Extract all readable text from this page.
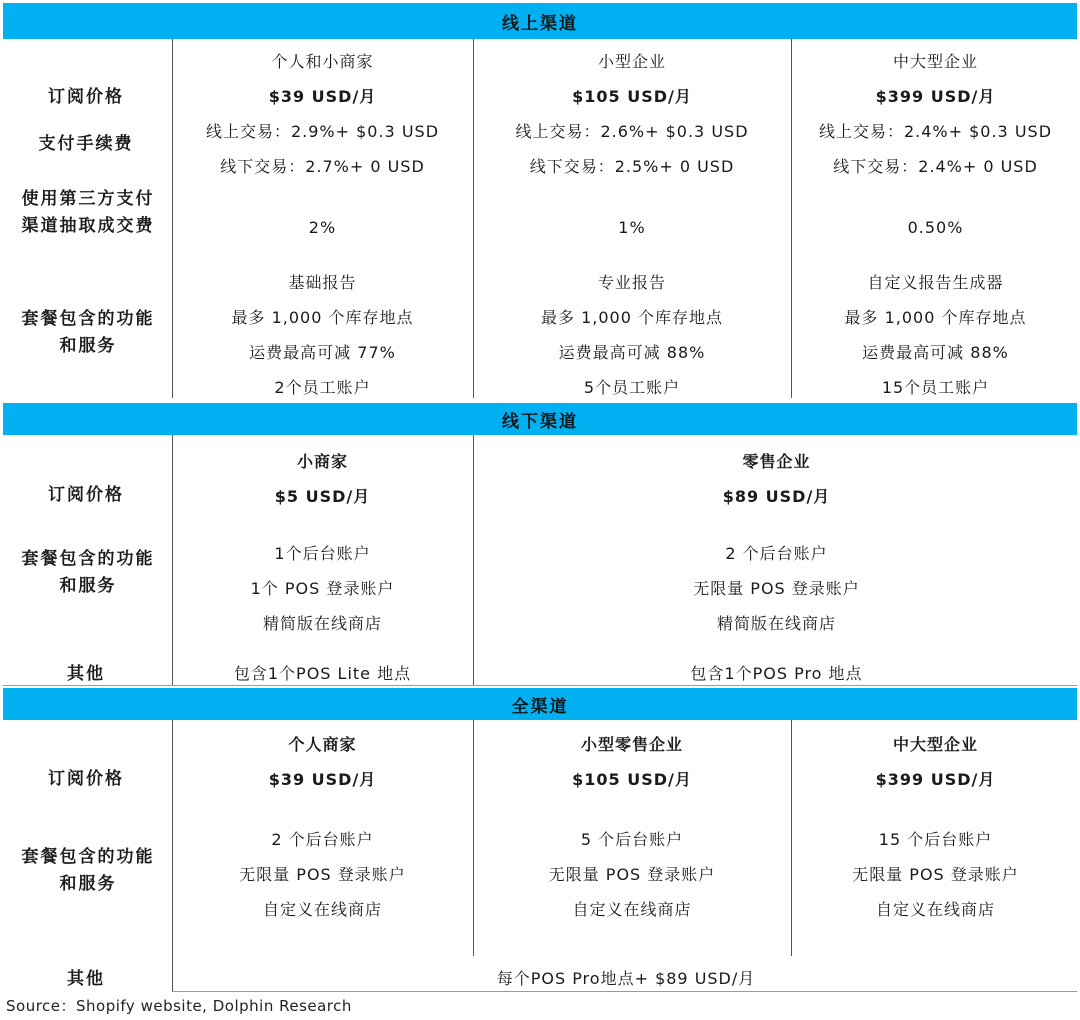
线上渠道
订阅价格
支付手续费
使用第三方支付渠道抽取成交费
套餐包含的功能和服务
个人和小商家
$39 USD/月
线上交易：2.9%+ $0.3 USD
线下交易：2.7%+ 0 USD
2%
基础报告
最多 1,000 个库存地点
运费最高可减 77%
2个员工账户
小型企业
$105 USD/月
线上交易：2.6%+ $0.3 USD
线下交易：2.5%+ 0 USD
1%
专业报告
最多 1,000 个库存地点
运费最高可减 88%
5个员工账户
中大型企业
$399 USD/月
线上交易：2.4%+ $0.3 USD
线下交易：2.4%+ 0 USD
0.50%
自定义报告生成器
最多 1,000 个库存地点
运费最高可减 88%
15个员工账户
线下渠道
订阅价格
套餐包含的功能和服务
其他
小商家
$5 USD/月
1个后台账户
1个 POS 登录账户
精简版在线商店
包含1个POS Lite 地点
零售企业
$89 USD/月
2 个后台账户
无限量 POS 登录账户
精简版在线商店
包含1个POS Pro 地点
全渠道
订阅价格
套餐包含的功能和服务
其他
个人商家
$39 USD/月
2 个后台账户
无限量 POS 登录账户
自定义在线商店
小型零售企业
$105 USD/月
5 个后台账户
无限量 POS 登录账户
自定义在线商店
中大型企业
$399 USD/月
15 个后台账户
无限量 POS 登录账户
自定义在线商店
每个POS Pro地点+ $89 USD/月
Source：Shopify website, Dolphin Research
